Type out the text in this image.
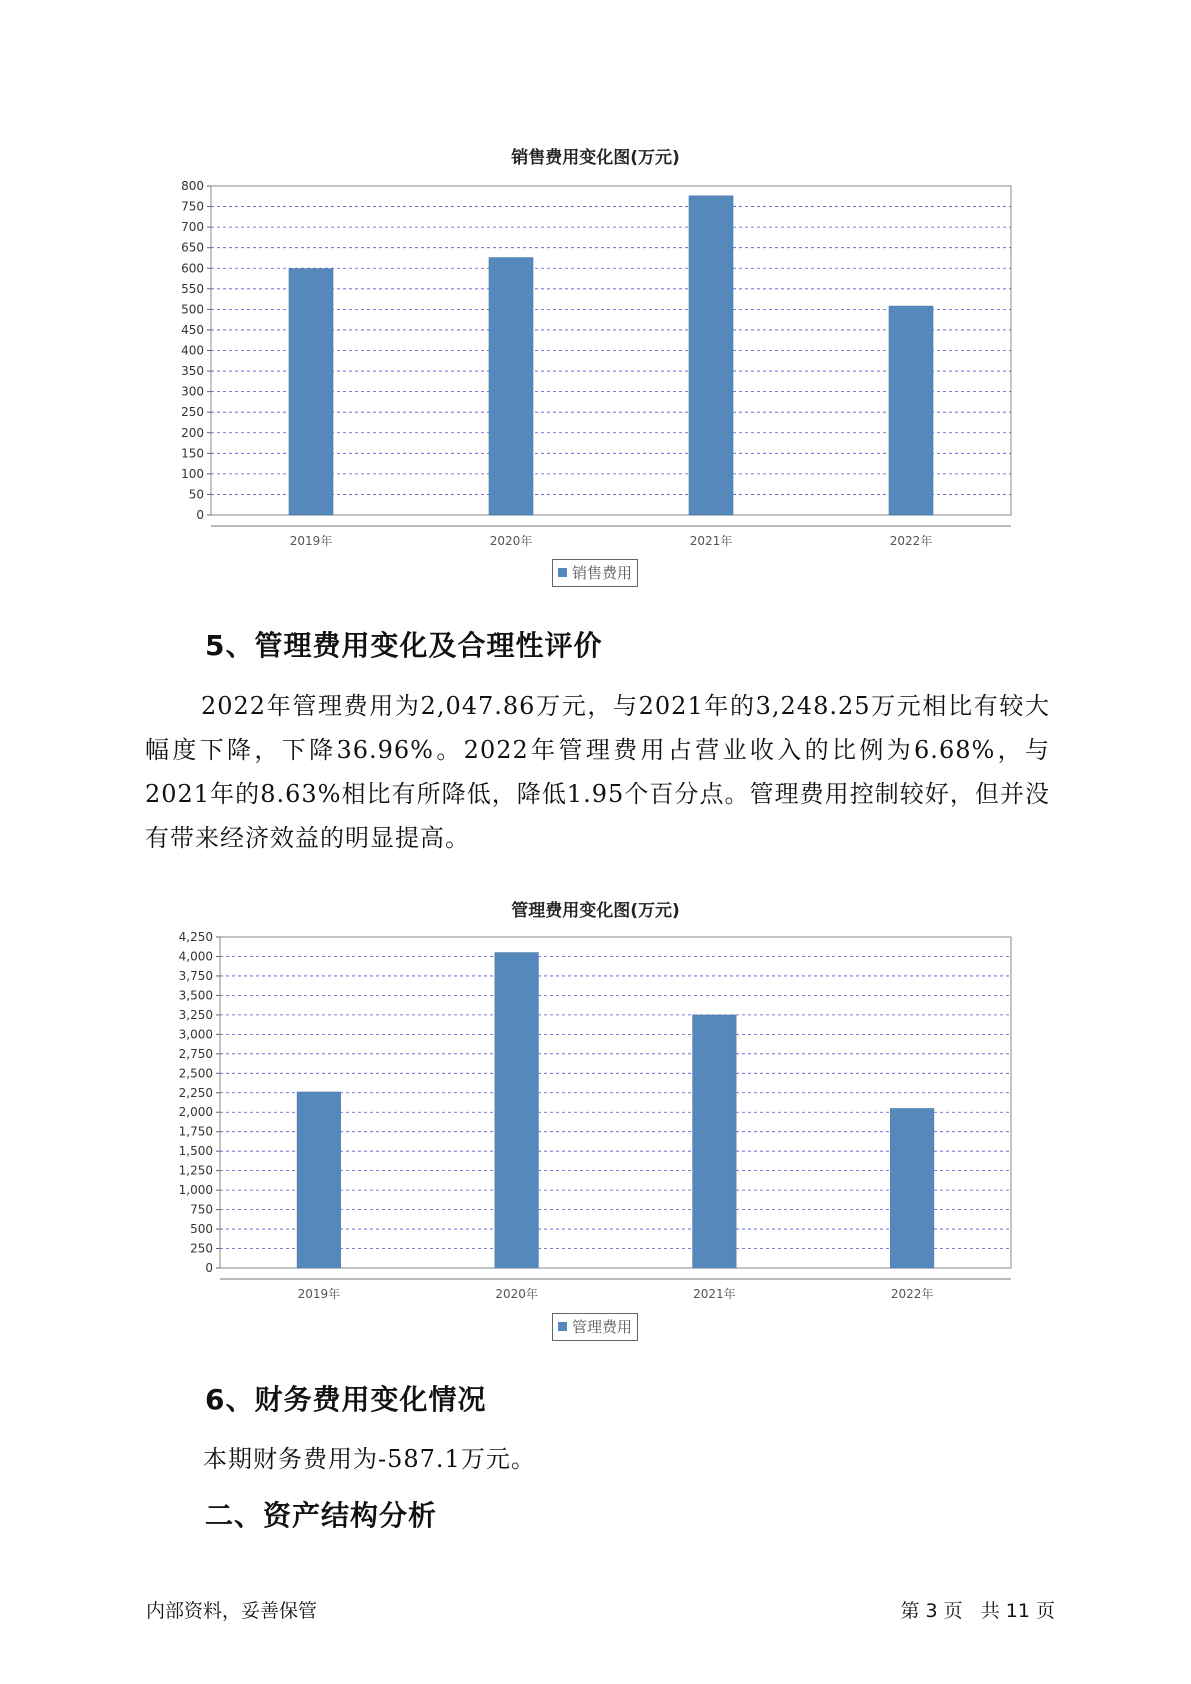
销售费用变化图(万元)
0
50
100
150
200
250
300
350
400
450
500
550
600
650
700
750
800
2019年	2020年	2021年	2022年
销售费用
5、管理费用变化及合理性评价

2022年管理费用为2,047.86万元，与2021年的3,248.25万元相比有较大幅度下降，下降36.96%。2022年管理费用占营业收入的比例为6.68%，与2021年的8.63%相比有所降低，降低1.95个百分点。管理费用控制较好，但并没有带来经济效益的明显提高。

管理费用变化图(万元)
0
250
500
750
1,000
1,250
1,500
1,750
2,000
2,250
2,500
2,750
3,000
3,250
3,500
3,750
4,000
4,250
2019年	2020年	2021年	2022年
管理费用
6、财务费用变化情况

本期财务费用为-587.1万元。

二、资产结构分析
内部资料，妥善保管	第 3 页   共 11 页
